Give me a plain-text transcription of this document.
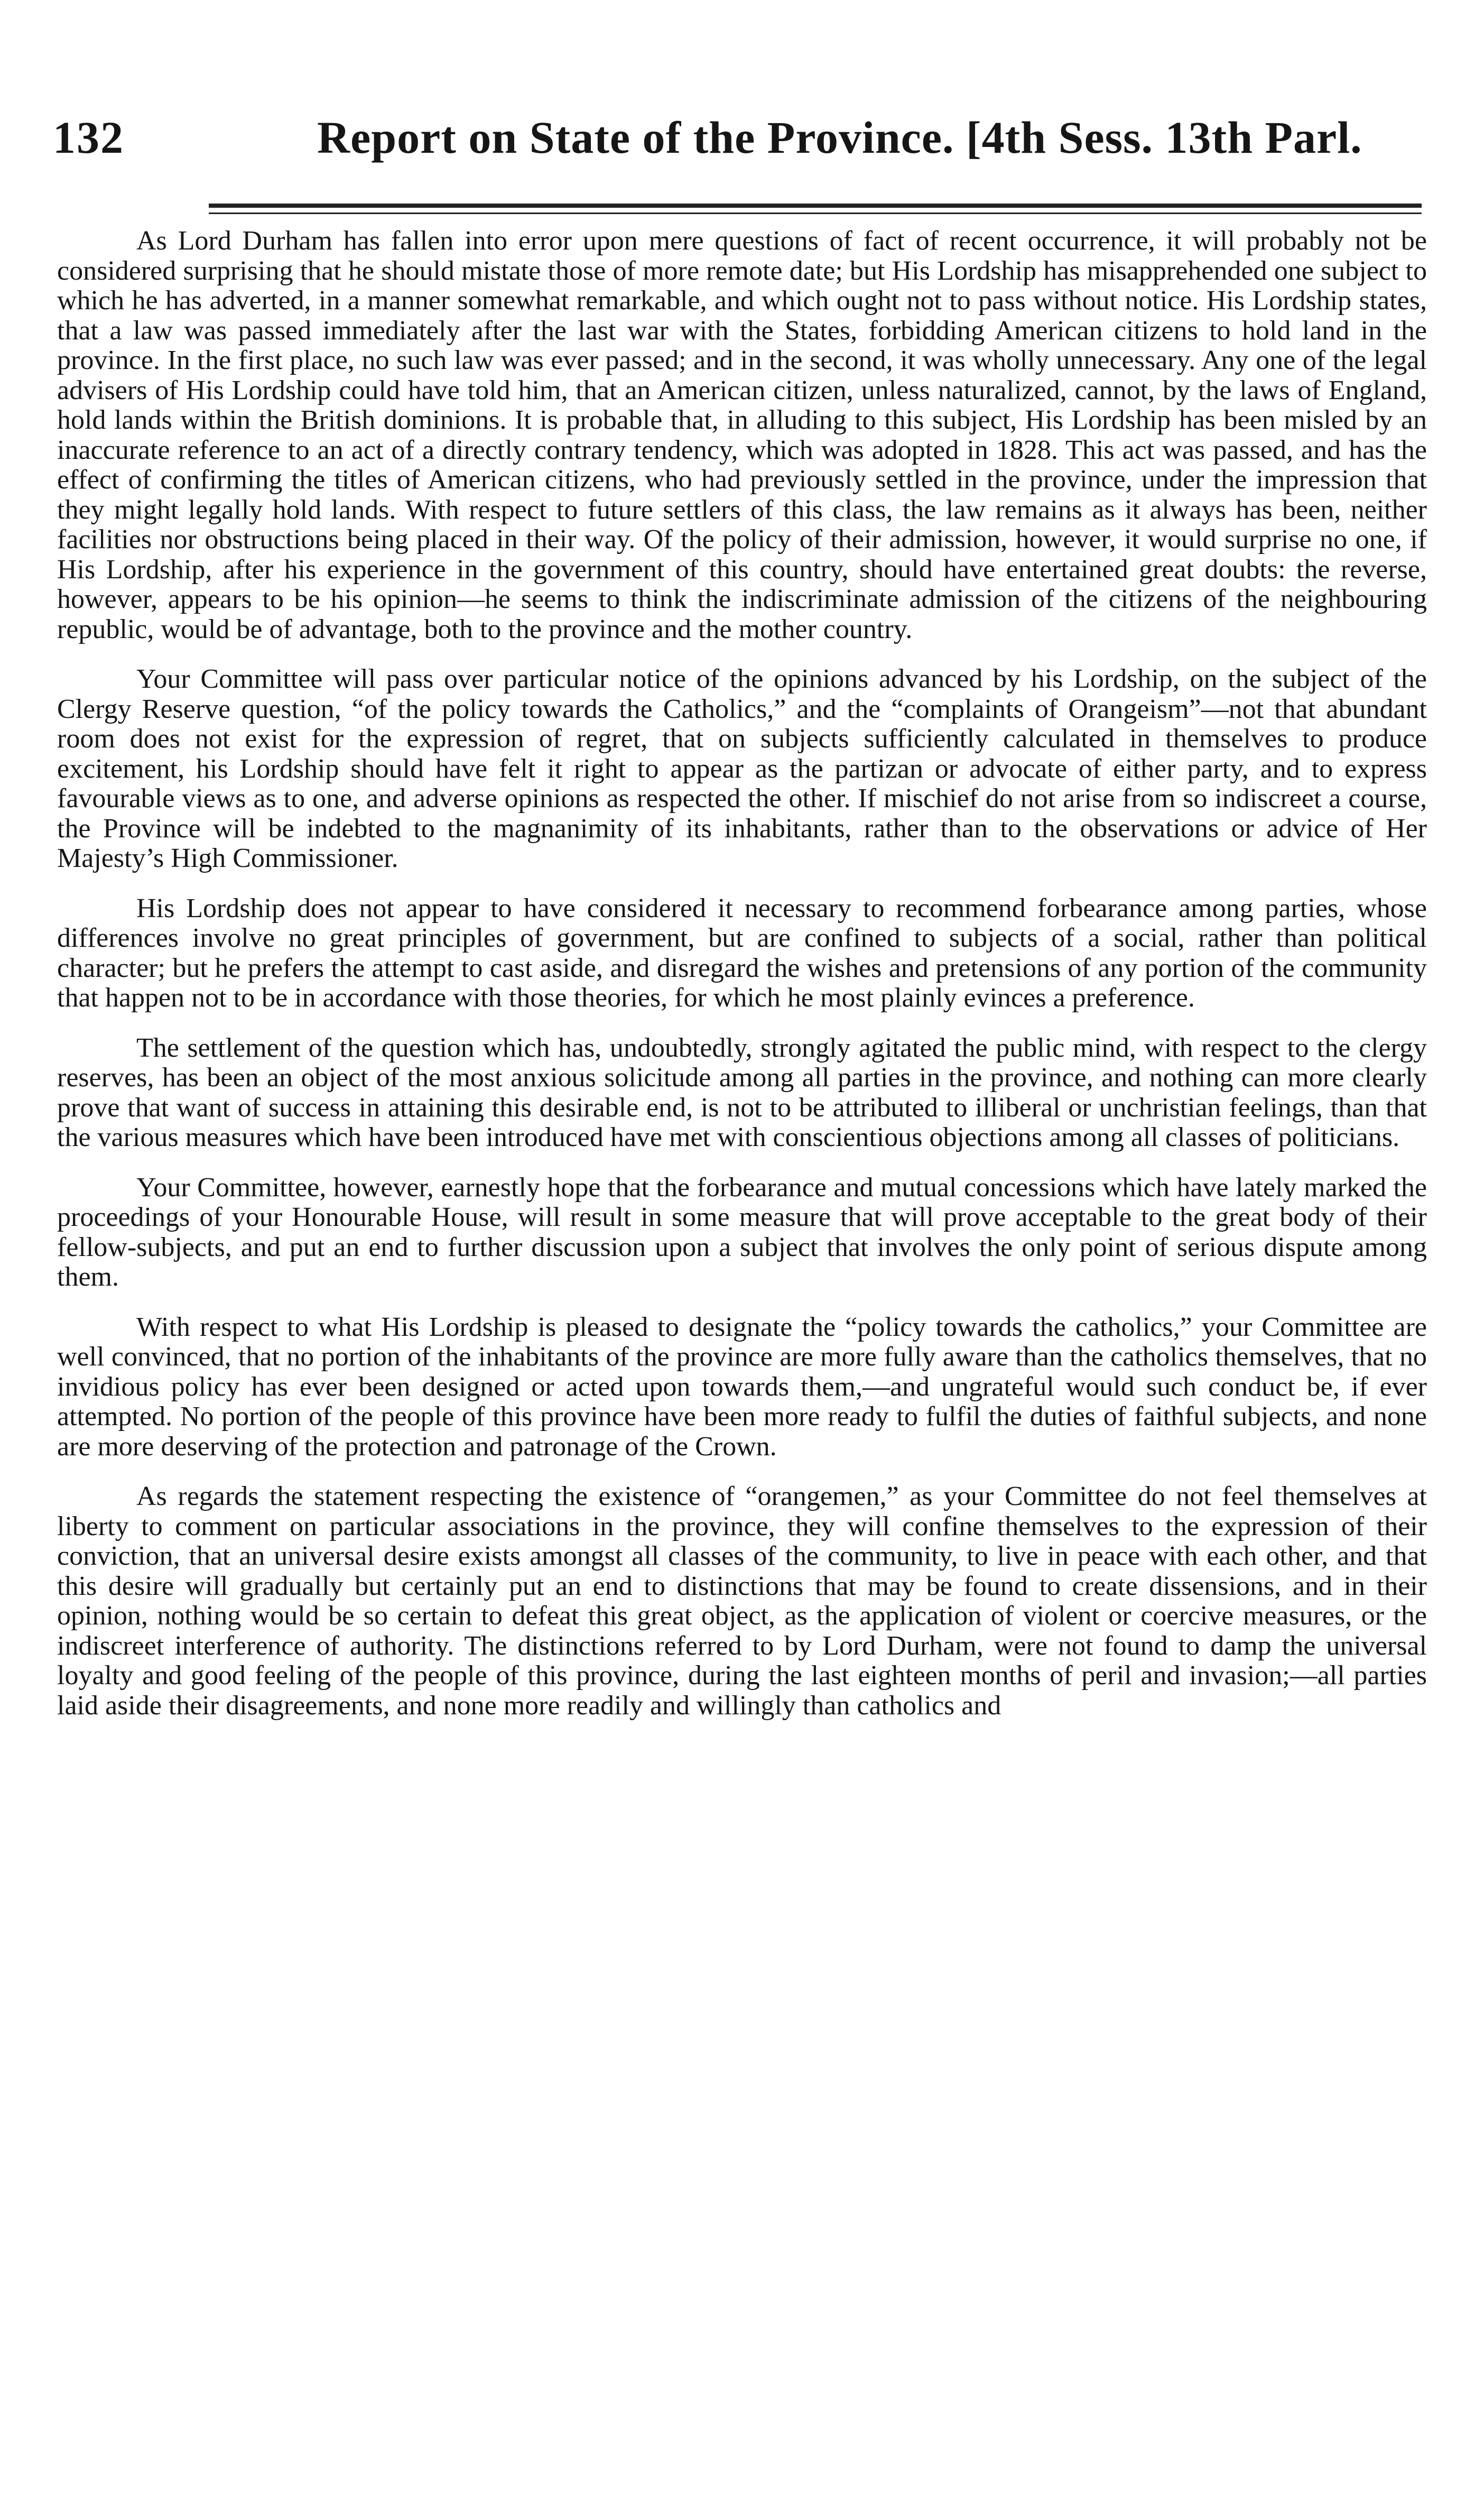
132	Report on State of the Province. [4th Sess. 13th Parl.

As Lord Durham has fallen into error upon mere questions of fact of recent occurrence, it will probably not be considered surprising that he should mistate those of more remote date; but His Lordship has misapprehended one subject to which he has adverted, in a manner somewhat remarkable, and which ought not to pass without notice. His Lordship states, that a law was passed immediately after the last war with the States, forbidding American citizens to hold land in the province. In the first place, no such law was ever passed; and in the second, it was wholly unnecessary. Any one of the legal advisers of His Lordship could have told him, that an American citizen, unless naturalized, cannot, by the laws of England, hold lands within the British dominions. It is probable that, in alluding to this subject, His Lordship has been misled by an inaccurate reference to an act of a directly contrary tendency, which was adopted in 1828. This act was passed, and has the effect of confirming the titles of American citizens, who had previously settled in the province, under the impression that they might legally hold lands. With respect to future settlers of this class, the law remains as it always has been, neither facilities nor obstructions being placed in their way. Of the policy of their admission, however, it would surprise no one, if His Lordship, after his experience in the government of this country, should have entertained great doubts: the reverse, however, appears to be his opinion—he seems to think the indiscriminate admission of the citizens of the neighbouring republic, would be of advantage, both to the province and the mother country.

Your Committee will pass over particular notice of the opinions advanced by his Lordship, on the subject of the Clergy Reserve question, “of the policy towards the Catholics,” and the “complaints of Orangeism”—not that abundant room does not exist for the expression of regret, that on subjects sufficiently calculated in themselves to produce excitement, his Lordship should have felt it right to appear as the partizan or advocate of either party, and to express favourable views as to one, and adverse opinions as respected the other. If mischief do not arise from so indiscreet a course, the Province will be indebted to the magnanimity of its inhabitants, rather than to the observations or advice of Her Majesty’s High Commissioner.

His Lordship does not appear to have considered it necessary to recommend forbearance among parties, whose differences involve no great principles of government, but are confined to subjects of a social, rather than political character; but he prefers the attempt to cast aside, and disregard the wishes and pretensions of any portion of the community that happen not to be in accordance with those theories, for which he most plainly evinces a preference.

The settlement of the question which has, undoubtedly, strongly agitated the public mind, with respect to the clergy reserves, has been an object of the most anxious solicitude among all parties in the province, and nothing can more clearly prove that want of success in attaining this desirable end, is not to be attributed to illiberal or unchristian feelings, than that the various measures which have been introduced have met with conscientious objections among all classes of politicians.

Your Committee, however, earnestly hope that the forbearance and mutual concessions which have lately marked the proceedings of your Honourable House, will result in some measure that will prove acceptable to the great body of their fellow-subjects, and put an end to further discussion upon a subject that involves the only point of serious dispute among them.

With respect to what His Lordship is pleased to designate the “policy towards the catholics,” your Committee are well convinced, that no portion of the inhabitants of the province are more fully aware than the catholics themselves, that no invidious policy has ever been designed or acted upon towards them,—and ungrateful would such conduct be, if ever attempted. No portion of the people of this province have been more ready to fulfil the duties of faithful subjects, and none are more deserving of the protection and patronage of the Crown.

As regards the statement respecting the existence of “orangemen,” as your Committee do not feel themselves at liberty to comment on particular associations in the province, they will confine themselves to the expression of their conviction, that an universal desire exists amongst all classes of the community, to live in peace with each other, and that this desire will gradually but certainly put an end to distinctions that may be found to create dissensions, and in their opinion, nothing would be so certain to defeat this great object, as the application of violent or coercive measures, or the indiscreet interference of authority. The distinctions referred to by Lord Durham, were not found to damp the universal loyalty and good feeling of the people of this province, during the last eighteen months of peril and invasion;—all parties laid aside their disagreements, and none more readily and willingly than catholics and
